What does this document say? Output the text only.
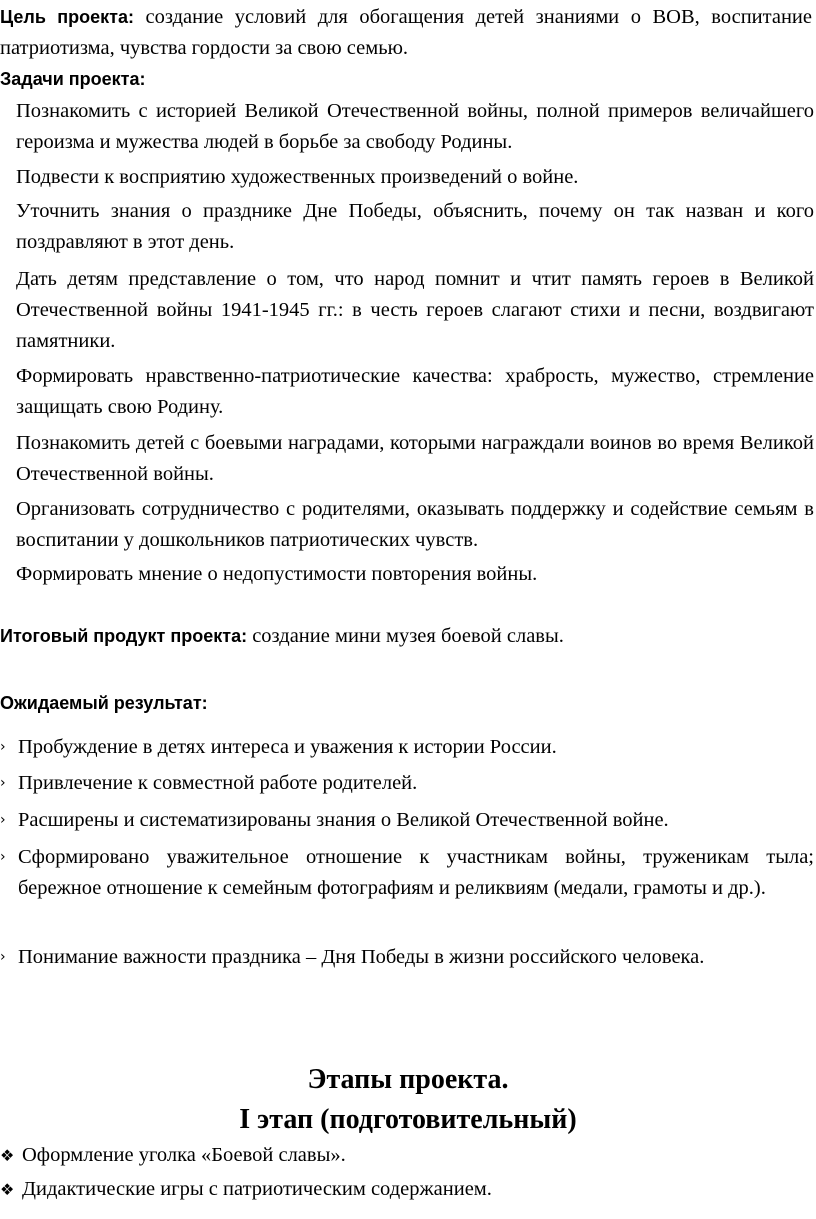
Цель проекта: создание условий для обогащения детей знаниями о ВОВ, воспитание патриотизма, чувства гордости за свою семью.
Задачи проекта:
Познакомить с историей Великой Отечественной войны, полной примеров величайшего героизма и мужества людей в борьбе за свободу Родины.
Подвести к восприятию художественных произведений о войне.
Уточнить знания о празднике Дне Победы, объяснить, почему он так назван и кого поздравляют в этот день.
Дать детям представление о том, что народ помнит и чтит память героев в Великой Отечественной войны 1941-1945 гг.: в честь героев слагают стихи и песни, воздвигают памятники.
Формировать нравственно-патриотические качества: храбрость, мужество, стремление защищать свою Родину.
Познакомить детей с боевыми наградами, которыми награждали воинов во время Великой Отечественной войны.
Организовать сотрудничество с родителями, оказывать поддержку и содействие семьям в воспитании у дошкольников патриотических чувств.
Формировать мнение о недопустимости повторения войны.
Итоговый продукт проекта: создание мини музея боевой славы.
Ожидаемый результат:
› Пробуждение в детях интереса и уважения к истории России.
› Привлечение к совместной работе родителей.
› Расширены и систематизированы знания о Великой Отечественной войне.
› Сформировано уважительное отношение к участникам войны, труженикам тыла; бережное отношение к семейным фотографиям и реликвиям (медали, грамоты и др.).
› Понимание важности праздника – Дня Победы в жизни российского человека.
Этапы проекта.
I этап (подготовительный)
❖ Оформление уголка «Боевой славы».
❖ Дидактические игры с патриотическим содержанием.
